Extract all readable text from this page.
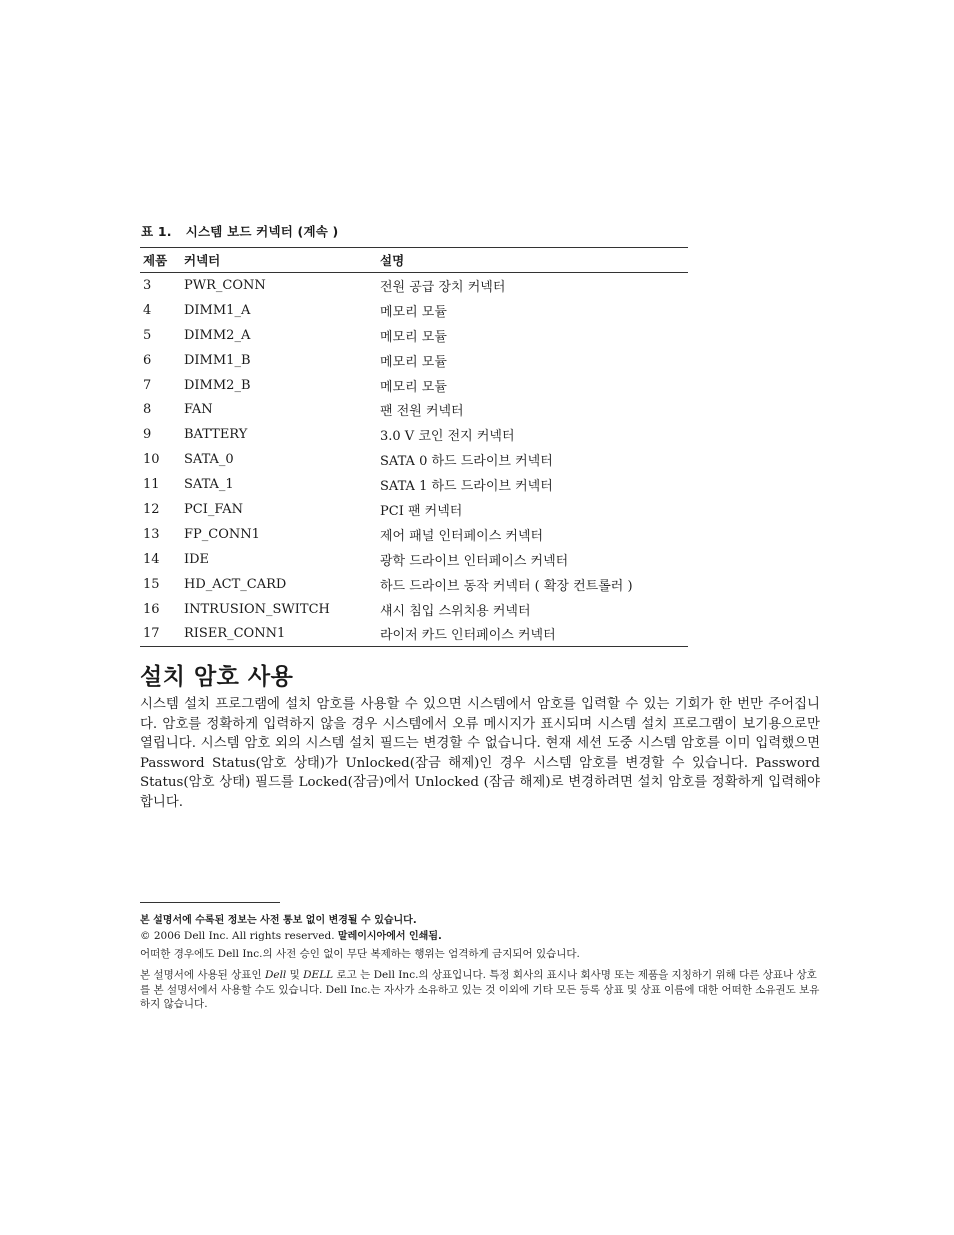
표 1. 시스템 보드 커넥터 (계속 )
제품	커넥터	설명
3	PWR_CONN	전원 공급 장치 커넥터
4	DIMM1_A	메모리 모듈
5	DIMM2_A	메모리 모듈
6	DIMM1_B	메모리 모듈
7	DIMM2_B	메모리 모듈
8	FAN	팬 전원 커넥터
9	BATTERY	3.0 V 코인 전지 커넥터
10	SATA_0	SATA 0 하드 드라이브 커넥터
11	SATA_1	SATA 1 하드 드라이브 커넥터
12	PCI_FAN	PCI 팬 커넥터
13	FP_CONN1	제어 패널 인터페이스 커넥터
14	IDE	광학 드라이브 인터페이스 커넥터
15	HD_ACT_CARD	하드 드라이브 동작 커넥터 ( 확장 컨트롤러 )
16	INTRUSION_SWITCH	섀시 침입 스위치용 커넥터
17	RISER_CONN1	라이저 카드 인터페이스 커넥터
설치 암호 사용

시스템 설치 프로그램에 설치 암호를 사용할 수 있으면 시스템에서 암호를 입력할 수 있는 기회가 한 번만 주어집니다. 암호를 정확하게 입력하지 않을 경우 시스템에서 오류 메시지가 표시되며 시스템 설치 프로그램이 보기용으로만 열립니다. 시스템 암호 외의 시스템 설치 필드는 변경할 수 없습니다. 현재 세션 도중 시스템 암호를 이미 입력했으면 Password Status(암호 상태)가 Unlocked(잠금 해제)인 경우 시스템 암호를 변경할 수 있습니다. Password Status(암호 상태) 필드를 Locked(잠금)에서 Unlocked (잠금 해제)로 변경하려면 설치 암호를 정확하게 입력해야 합니다.

본 설명서에 수록된 정보는 사전 통보 없이 변경될 수 있습니다.

© 2006 Dell Inc. All rights reserved. 말레이시아에서 인쇄됨.

어떠한 경우에도 Dell Inc.의 사전 승인 없이 무단 복제하는 행위는 엄격하게 금지되어 있습니다.

본 설명서에 사용된 상표인 Dell 및 DELL 로고 는 Dell Inc.의 상표입니다. 특정 회사의 표시나 회사명 또는 제품을 지칭하기 위해 다른 상표나 상호를 본 설명서에서 사용할 수도 있습니다. Dell Inc.는 자사가 소유하고 있는 것 이외에 기타 모든 등록 상표 및 상표 이름에 대한 어떠한 소유권도 보유하지 않습니다.
